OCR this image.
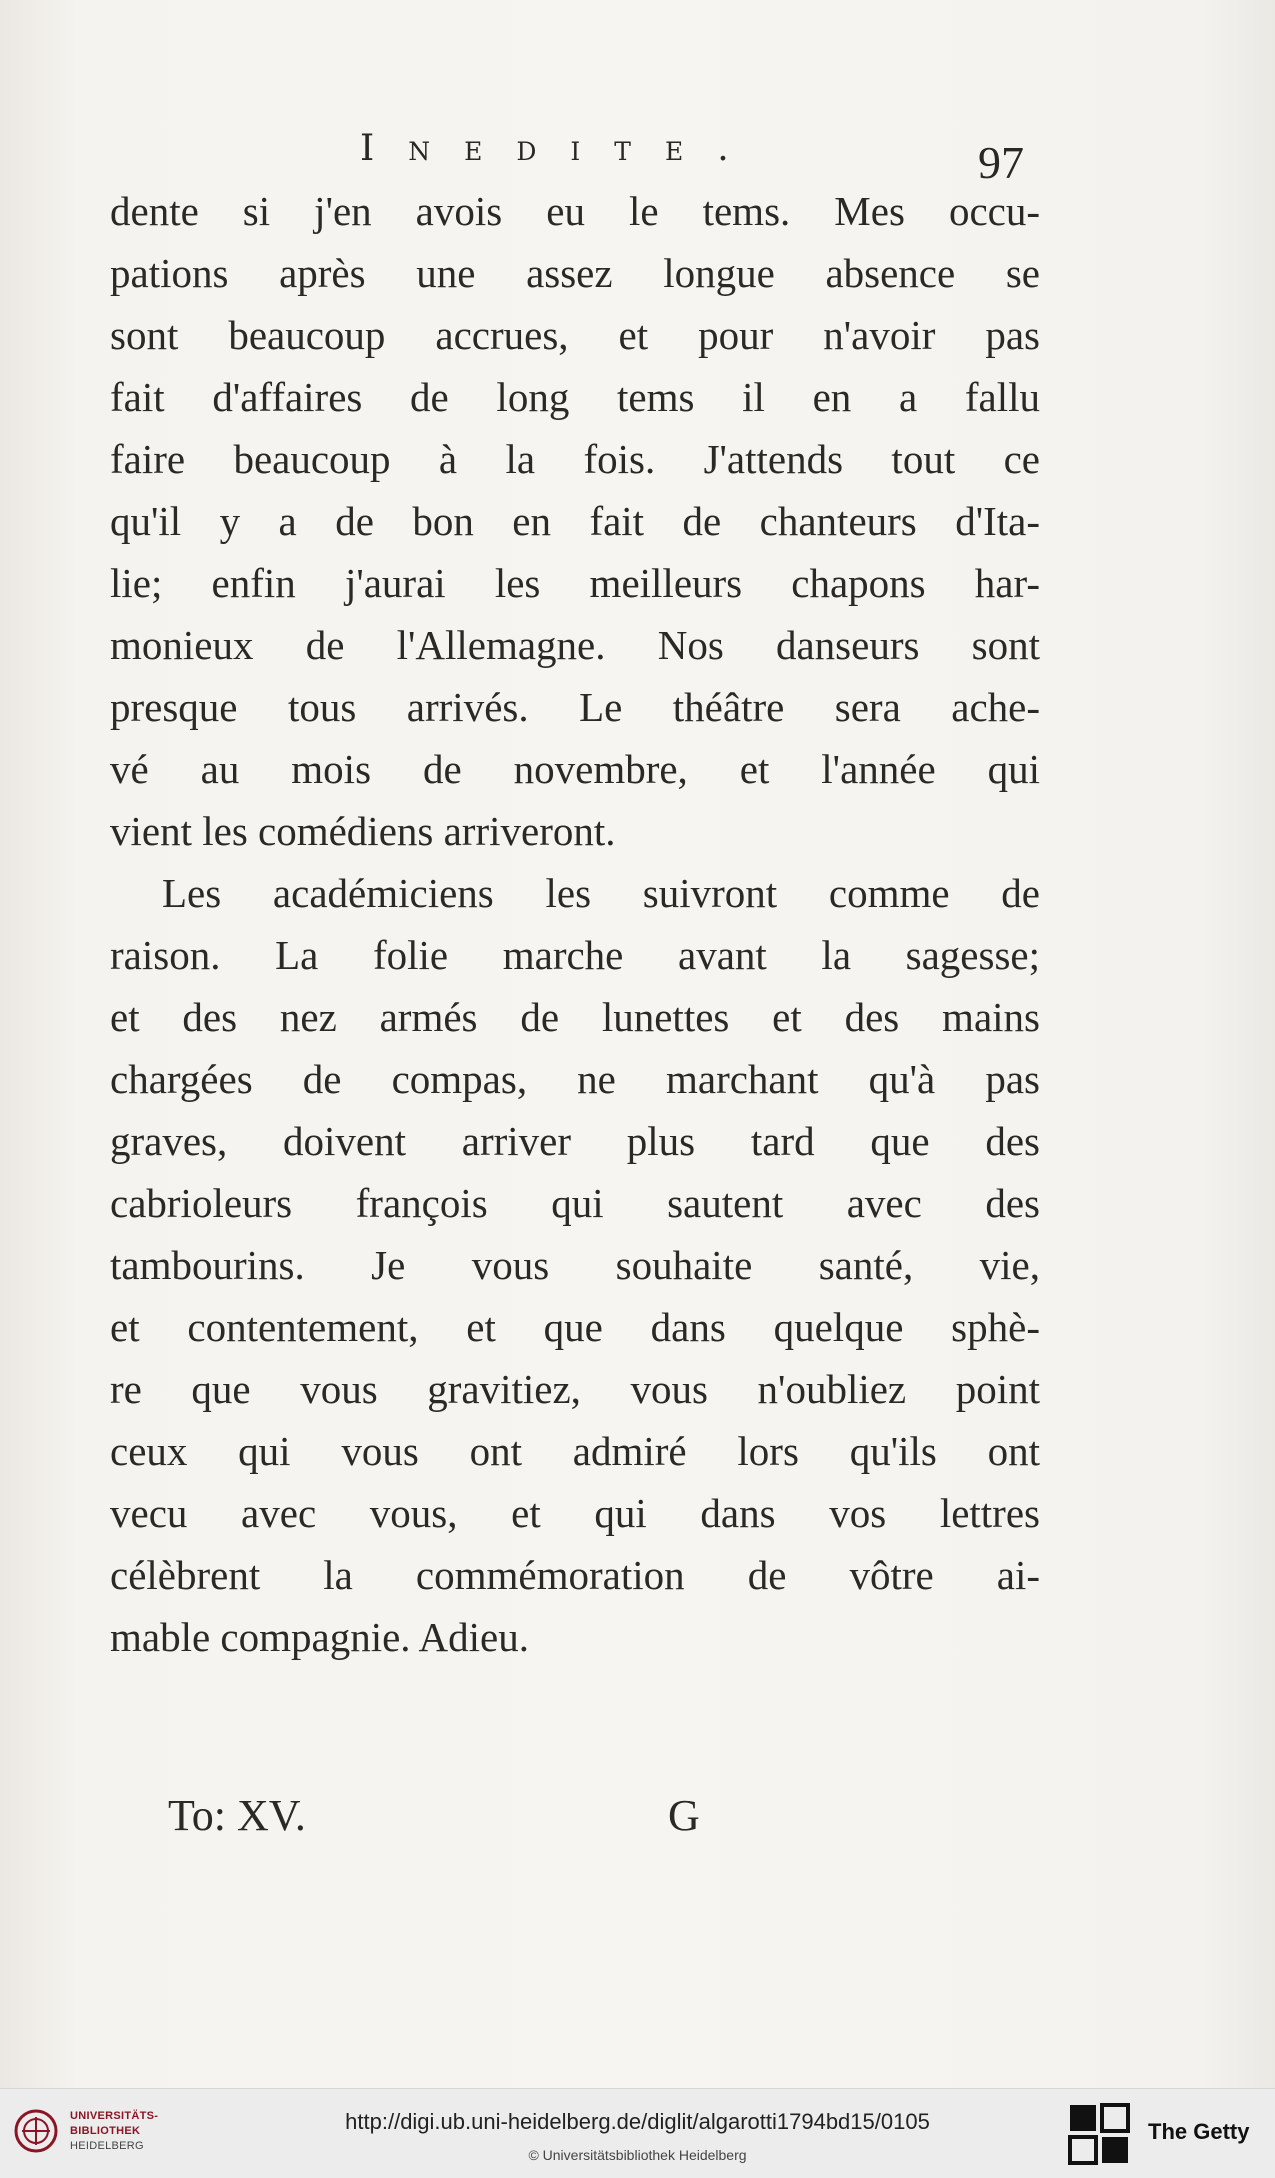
Inedite.	97
dente si j'en avois eu le tems. Mes occu-
pations après une assez longue absence se
sont beaucoup accrues, et pour n'avoir pas
fait d'affaires de long tems il en a fallu
faire beaucoup à la fois. J'attends tout ce
qu'il y a de bon en fait de chanteurs d'Ita-
lie; enfin j'aurai les meilleurs chapons har-
monieux de l'Allemagne. Nos danseurs sont
presque tous arrivés. Le théâtre sera ache-
vé au mois de novembre, et l'année qui
vient les comédiens arriveront.
Les académiciens les suivront comme de
raison. La folie marche avant la sagesse;
et des nez armés de lunettes et des mains
chargées de compas, ne marchant qu'à pas
graves, doivent arriver plus tard que des
cabrioleurs françois qui sautent avec des
tambourins. Je vous souhaite santé, vie,
et contentement, et que dans quelque sphè-
re que vous gravitiez, vous n'oubliez point
ceux qui vous ont admiré lors qu'ils ont
vecu avec vous, et qui dans vos lettres
célèbrent la commémoration de vôtre ai-
mable compagnie. Adieu.
To: XV.	G
UNIVERSITÄTS-
BIBLIOTHEK
HEIDELBERG
http://digi.ub.uni-heidelberg.de/diglit/algarotti1794bd15/0105
© Universitätsbibliothek Heidelberg
The Getty
